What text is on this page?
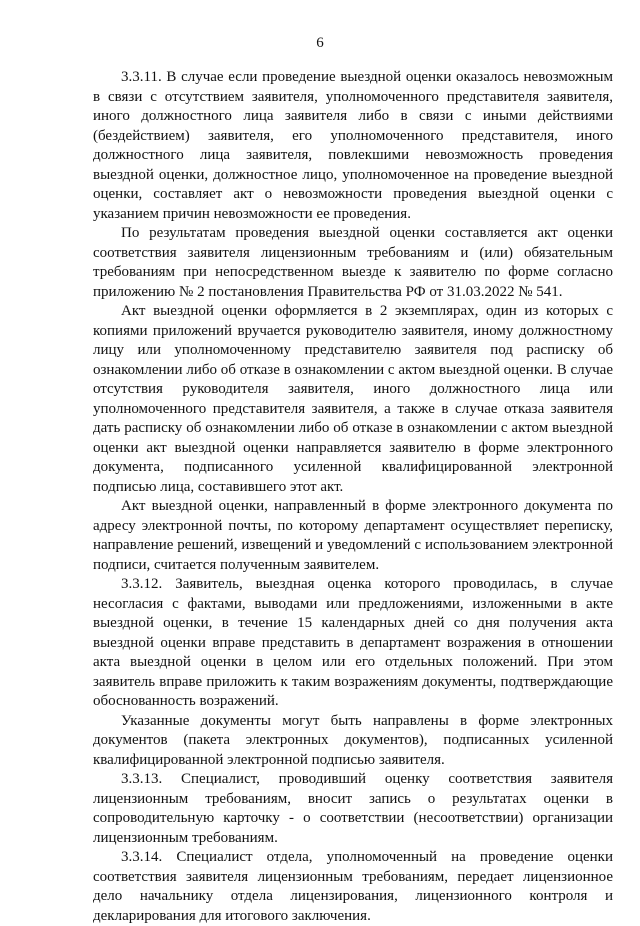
6

3.3.11. В случае если проведение выездной оценки оказалось невозможным в связи с отсутствием заявителя, уполномоченного представителя заявителя, иного должностного лица заявителя либо в связи с иными действиями (бездействием) заявителя, его уполномоченного представителя, иного должностного лица заявителя, повлекшими невозможность проведения выездной оценки, должностное лицо, уполномоченное на проведение выездной оценки, составляет акт о невозможности проведения выездной оценки с указанием причин невозможности ее проведения.

По результатам проведения выездной оценки составляется акт оценки соответствия заявителя лицензионным требованиям и (или) обязательным требованиям при непосредственном выезде к заявителю по форме согласно приложению № 2 постановления Правительства РФ от 31.03.2022 № 541.

Акт выездной оценки оформляется в 2 экземплярах, один из которых с копиями приложений вручается руководителю заявителя, иному должностному лицу или уполномоченному представителю заявителя под расписку об ознакомлении либо об отказе в ознакомлении с актом выездной оценки. В случае отсутствия руководителя заявителя, иного должностного лица или уполномоченного представителя заявителя, а также в случае отказа заявителя дать расписку об ознакомлении либо об отказе в ознакомлении с актом выездной оценки акт выездной оценки направляется заявителю в форме электронного документа, подписанного усиленной квалифицированной электронной подписью лица, составившего этот акт.

Акт выездной оценки, направленный в форме электронного документа по адресу электронной почты, по которому департамент осуществляет переписку, направление решений, извещений и уведомлений с использованием электронной подписи, считается полученным заявителем.

3.3.12. Заявитель, выездная оценка которого проводилась, в случае несогласия с фактами, выводами или предложениями, изложенными в акте выездной оценки, в течение 15 календарных дней со дня получения акта выездной оценки вправе представить в департамент возражения в отношении акта выездной оценки в целом или его отдельных положений. При этом заявитель вправе приложить к таким возражениям документы, подтверждающие обоснованность возражений.

Указанные документы могут быть направлены в форме электронных документов (пакета электронных документов), подписанных усиленной квалифицированной электронной подписью заявителя.

3.3.13. Специалист, проводивший оценку соответствия заявителя лицензионным требованиям, вносит запись о результатах оценки в сопроводительную карточку - о соответствии (несоответствии) организации лицензионным требованиям.

3.3.14. Специалист отдела, уполномоченный на проведение оценки соответствия заявителя лицензионным требованиям, передает лицензионное дело начальнику отдела лицензирования, лицензионного контроля и декларирования для итогового заключения.
